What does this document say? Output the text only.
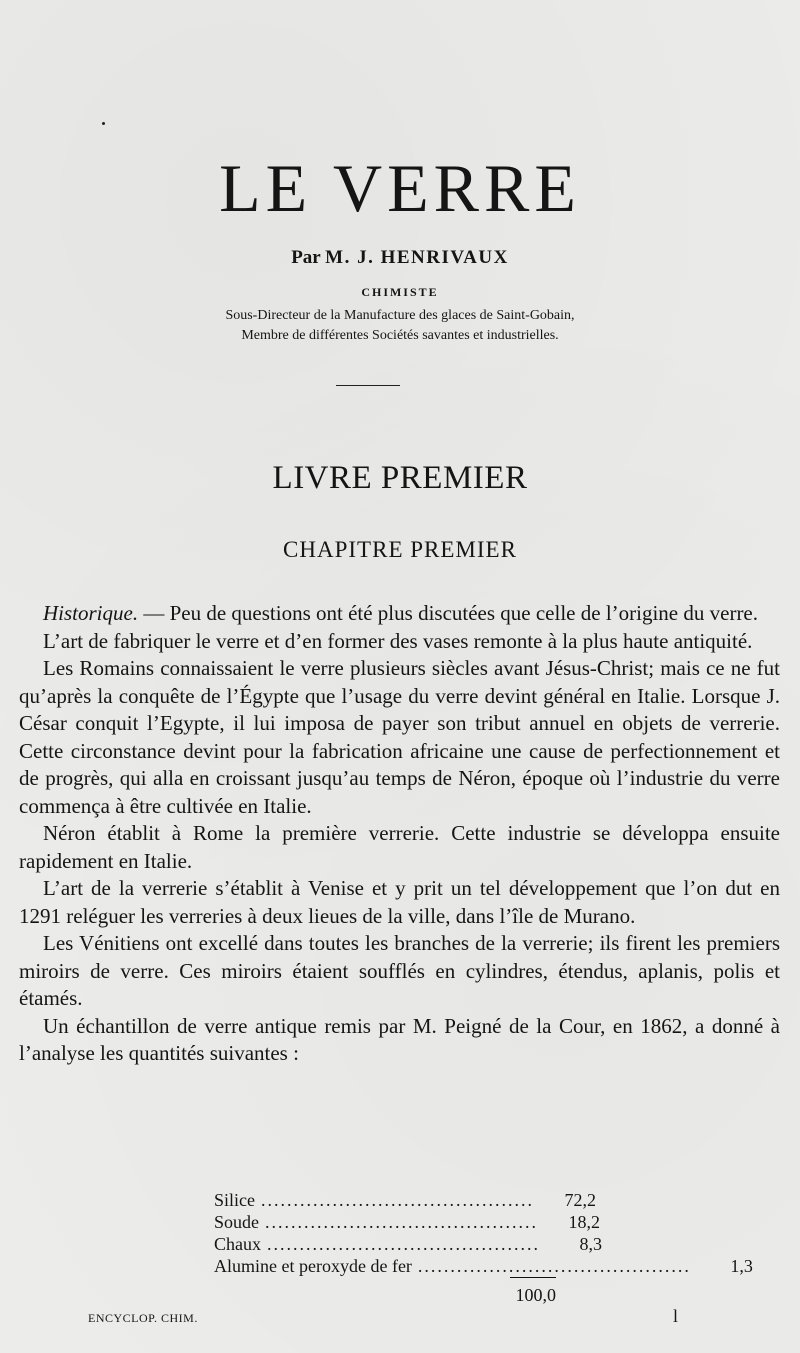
LE VERRE
Par M. J. HENRIVAUX
CHIMISTE
Sous-Directeur de la Manufacture des glaces de Saint-Gobain,
Membre de différentes Sociétés savantes et industrielles.
LIVRE PREMIER
CHAPITRE PREMIER

Historique. — Peu de questions ont été plus discutées que celle de l’origine du verre.

L’art de fabriquer le verre et d’en former des vases remonte à la plus haute antiquité.

Les Romains connaissaient le verre plusieurs siècles avant Jésus-Christ; mais ce ne fut qu’après la conquête de l’Égypte que l’usage du verre devint général en Italie. Lorsque J. César conquit l’Egypte, il lui imposa de payer son tribut annuel en objets de verrerie. Cette circonstance devint pour la fabrication africaine une cause de perfectionnement et de progrès, qui alla en croissant jusqu’au temps de Néron, époque où l’industrie du verre commença à être cultivée en Italie.

Néron établit à Rome la première verrerie. Cette industrie se développa ensuite rapidement en Italie.

L’art de la verrerie s’établit à Venise et y prit un tel développement que l’on dut en 1291 reléguer les verreries à deux lieues de la ville, dans l’île de Murano.

Les Vénitiens ont excellé dans toutes les branches de la verrerie; ils firent les premiers miroirs de verre. Ces miroirs étaient soufflés en cylindres, étendus, aplanis, polis et étamés.

Un échantillon de verre antique remis par M. Peigné de la Cour, en 1862, a donné à l’analyse les quantités suivantes :

Silice ..........................................	72,2
Soude ..........................................	18,2
Chaux ..........................................	8,3
Alumine et peroxyde de fer ..........................................	1,3
100,0
ENCYCLOP. CHIM.	l
